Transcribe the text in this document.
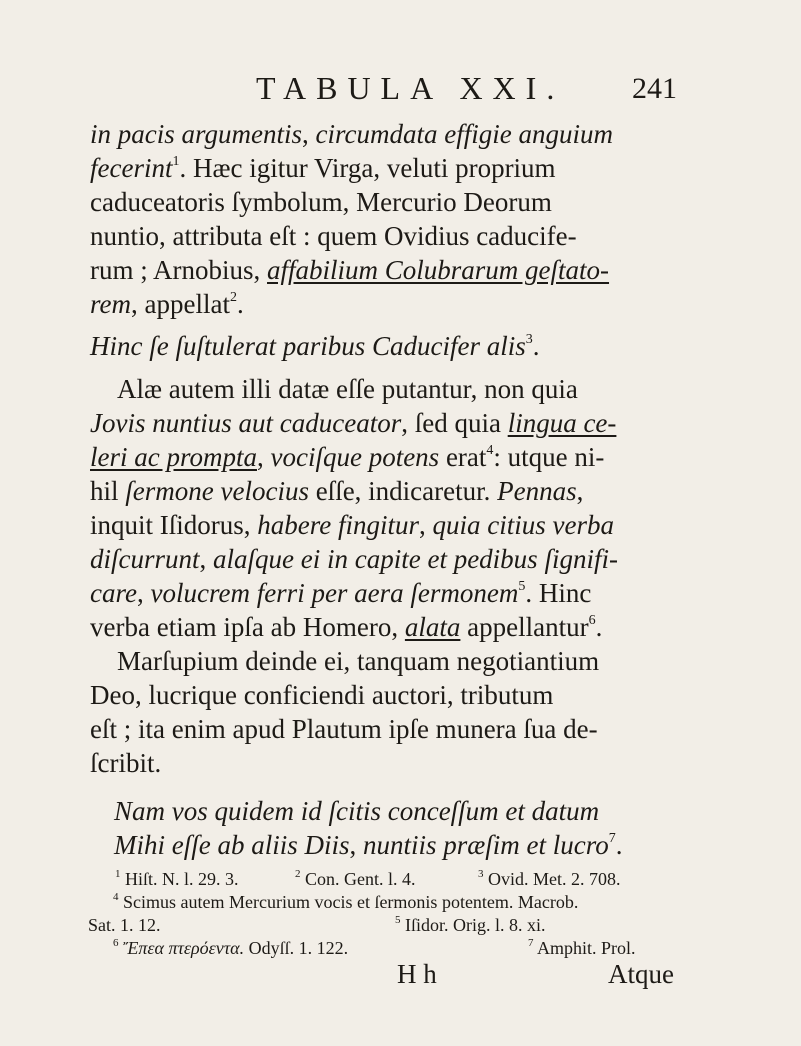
TABULA XXI. 241
in pacis argumentis, circumdata effigie anguium
fecerint$^1$. Hæc igitur Virga, veluti proprium
caduceatoris ſymbolum, Mercurio Deorum
nuntio, attributa eſt : quem Ovidius caducife-
rum ; Arnobius, affabilium Colubrarum geſtato-
rem, appellat$^2$.
Hinc ſe ſuſtulerat paribus Caducifer alis$^3$.
Alæ autem illi datæ eſſe putantur, non quia
Jovis nuntius aut caduceator, ſed quia lingua ce-
leri ac prompta, vociſque potens erat$^4$: utque ni-
hil ſermone velocius eſſe, indicaretur. Pennas,
inquit Iſidorus, habere fingitur, quia citius verba
diſcurrunt, alaſque ei in capite et pedibus ſignifi-
care, volucrem ferri per aera ſermonem$^5$. Hinc
verba etiam ipſa ab Homero, alata appellantur$^6$.
Marſupium deinde ei, tanquam negotiantium
Deo, lucrique conficiendi auctori, tributum
eſt ; ita enim apud Plautum ipſe munera ſua de-
ſcribit.
Nam vos quidem id ſcitis conceſſum et datum
Mihi eſſe ab aliis Diis, nuntiis præſim et lucro$^7$.
$^1$ Hiſt. N. l. 29. 3.	$^2$ Con. Gent. l. 4.	$^3$ Ovid. Met. 2. 708.
$^4$ Scimus autem Mercurium vocis et ſermonis potentem. Macrob.
Sat. 1. 12.	$^5$ Iſidor. Orig. l. 8. xi.
$^6$ Ἔπεα πτερόεντα. Odyſſ. 1. 122.	$^7$ Amphit. Prol.
H h	Atque
